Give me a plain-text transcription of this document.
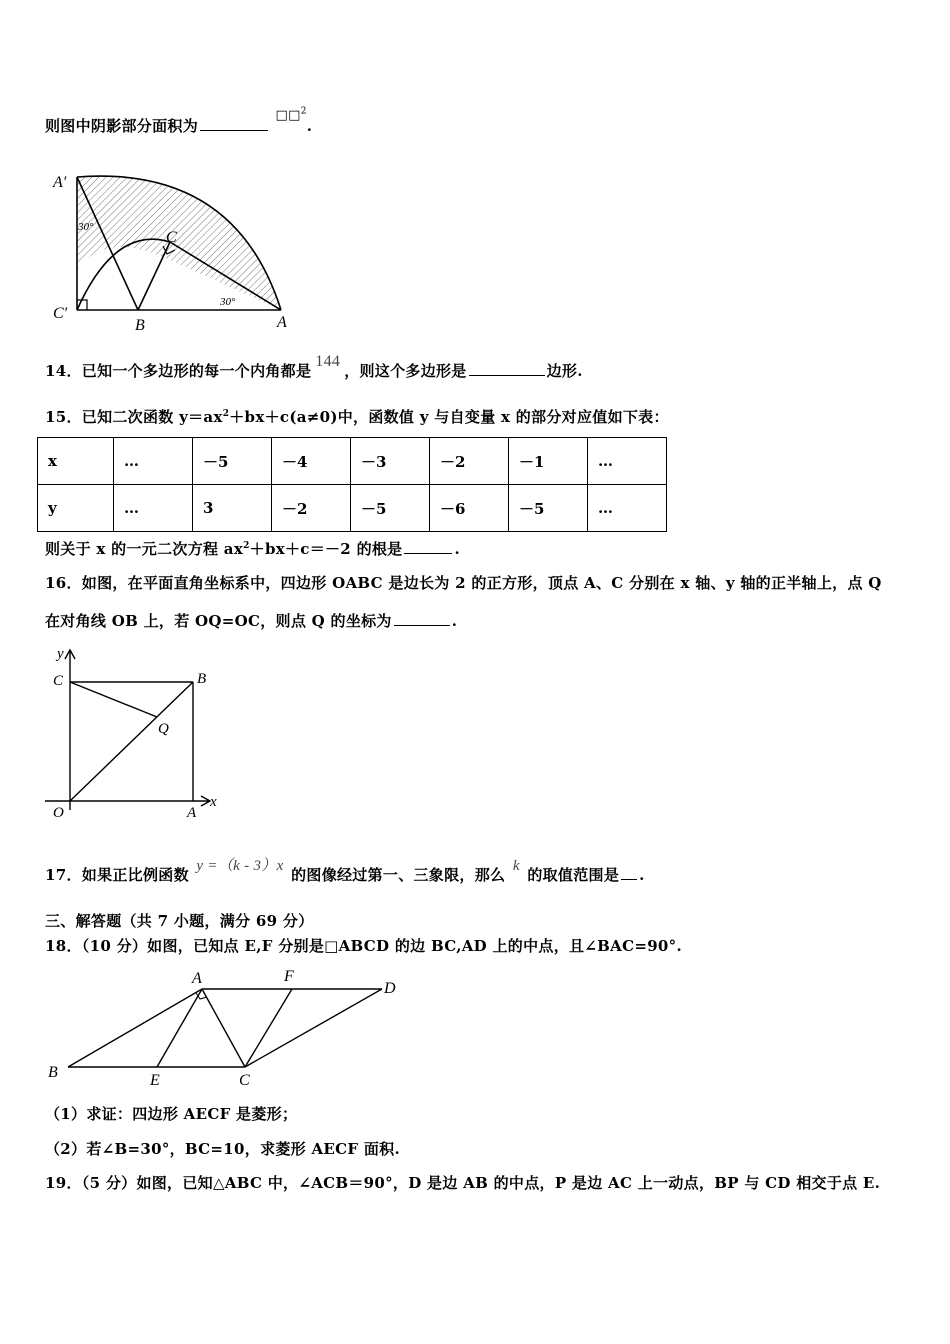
则图中阴影部分面积为 □□$^2$.
A′
30°
C
C′
B
30°
A
14．已知一个多边形的每一个内角都是144，则这个多边形是	边形.
15．已知二次函数 $y=ax^2+bx+c(a\ne 0)$中，函数值 y 与自变量 x 的部分对应值如下表：
x	…	－5	－4	－3	－2	－1	…
y	…	3	－2	－5	－6	－5	…
则关于 x 的一元二次方程 $ax^2+bx+c=-2$ 的根是	.
16．如图，在平面直角坐标系中，四边形 OABC 是边长为 2 的正方形，顶点 A、C 分别在 x 轴、y 轴的正半轴上，点 Q
在对角线 OB 上，若 OQ=OC，则点 Q 的坐标为	.
y
x
C	B
Q
O	A
17．如果正比例函数 y =（k - 3）x 的图像经过第一、三象限，那么 k 的取值范围是 .
三、解答题（共 7 小题，满分 69 分）
18．（10 分）如图，已知点 E,F 分别是□ABCD 的边 BC,AD 上的中点，且∠BAC=90°.
A	F
D
B	E	C
（1）求证：四边形 AECF 是菱形；
（2）若∠B=30°，BC=10，求菱形 AECF 面积.
19．（5 分）如图，已知△ABC 中，∠ACB＝90°，D 是边 AB 的中点，P 是边 AC 上一动点，BP 与 CD 相交于点 E.
